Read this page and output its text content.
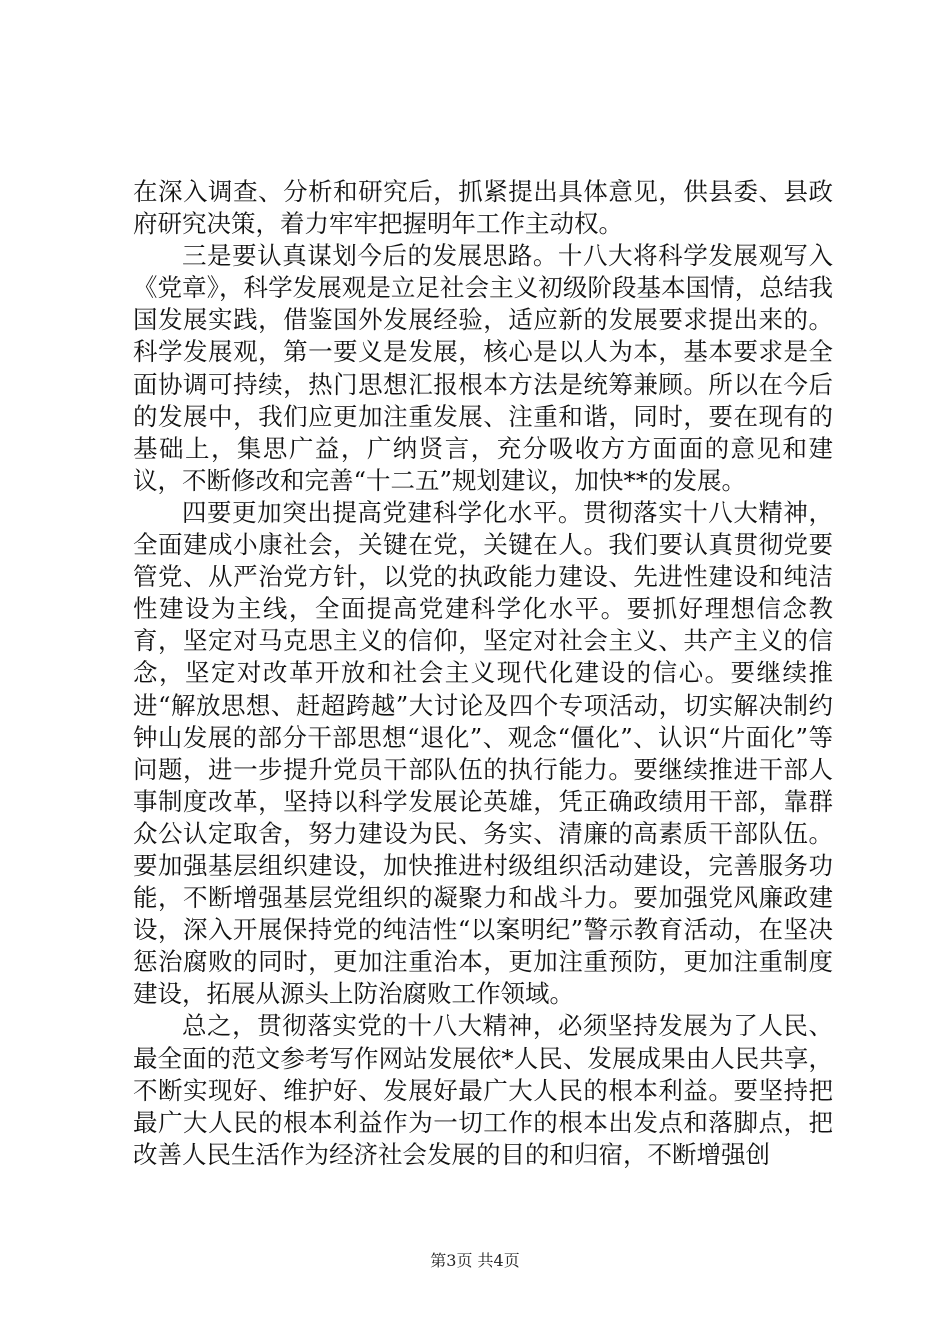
在深入调查、分析和研究后，抓紧提出具体意见，供县委、县政府研究决策，着力牢牢把握明年工作主动权。

三是要认真谋划今后的发展思路。十八大将科学发展观写入《党章》，科学发展观是立足社会主义初级阶段基本国情，总结我国发展实践，借鉴国外发展经验，适应新的发展要求提出来的。科学发展观，第一要义是发展，核心是以人为本，基本要求是全面协调可持续，热门思想汇报根本方法是统筹兼顾。所以在今后的发展中，我们应更加注重发展、注重和谐，同时，要在现有的基础上，集思广益，广纳贤言，充分吸收方方面面的意见和建议，不断修改和完善“十二五”规划建议，加快**的发展。

四要更加突出提高党建科学化水平。贯彻落实十八大精神，全面建成小康社会，关键在党，关键在人。我们要认真贯彻党要管党、从严治党方针，以党的执政能力建设、先进性建设和纯洁性建设为主线，全面提高党建科学化水平。要抓好理想信念教育，坚定对马克思主义的信仰，坚定对社会主义、共产主义的信念，坚定对改革开放和社会主义现代化建设的信心。要继续推进“解放思想、赶超跨越”大讨论及四个专项活动，切实解决制约钟山发展的部分干部思想“退化”、观念“僵化”、认识“片面化”等问题，进一步提升党员干部队伍的执行能力。要继续推进干部人事制度改革，坚持以科学发展论英雄，凭正确政绩用干部，靠群众公认定取舍，努力建设为民、务实、清廉的高素质干部队伍。要加强基层组织建设，加快推进村级组织活动建设，完善服务功能，不断增强基层党组织的凝聚力和战斗力。要加强党风廉政建设，深入开展保持党的纯洁性“以案明纪”警示教育活动，在坚决惩治腐败的同时，更加注重治本，更加注重预防，更加注重制度建设，拓展从源头上防治腐败工作领域。

总之，贯彻落实党的十八大精神，必须坚持发展为了人民、最全面的范文参考写作网站发展依*人民、发展成果由人民共享，不断实现好、维护好、发展好最广大人民的根本利益。要坚持把最广大人民的根本利益作为一切工作的根本出发点和落脚点，把改善人民生活作为经济社会发展的目的和归宿，不断增强创

第3页 共4页
